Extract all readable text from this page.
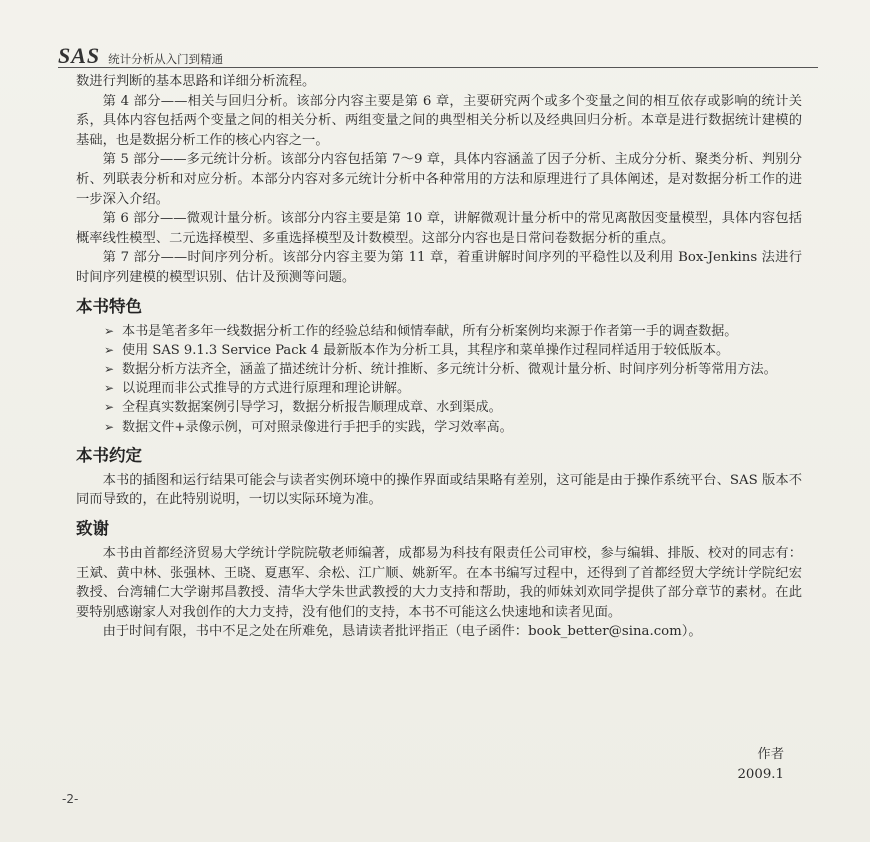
SAS 统计分析从入门到精通

数进行判断的基本思路和详细分析流程。

第 4 部分——相关与回归分析。该部分内容主要是第 6 章，主要研究两个或多个变量之间的相互依存或影响的统计关系，具体内容包括两个变量之间的相关分析、两组变量之间的典型相关分析以及经典回归分析。本章是进行数据统计建模的基础，也是数据分析工作的核心内容之一。

第 5 部分——多元统计分析。该部分内容包括第 7～9 章，具体内容涵盖了因子分析、主成分分析、聚类分析、判别分析、列联表分析和对应分析。本部分内容对多元统计分析中各种常用的方法和原理进行了具体阐述，是对数据分析工作的进一步深入介绍。

第 6 部分——微观计量分析。该部分内容主要是第 10 章，讲解微观计量分析中的常见离散因变量模型，具体内容包括概率线性模型、二元选择模型、多重选择模型及计数模型。这部分内容也是日常问卷数据分析的重点。

第 7 部分——时间序列分析。该部分内容主要为第 11 章，着重讲解时间序列的平稳性以及利用 Box-Jenkins 法进行时间序列建模的模型识别、估计及预测等问题。

本书特色
➢ 本书是笔者多年一线数据分析工作的经验总结和倾情奉献，所有分析案例均来源于作者第一手的调查数据。
➢ 使用 SAS 9.1.3 Service Pack 4 最新版本作为分析工具，其程序和菜单操作过程同样适用于较低版本。
➢ 数据分析方法齐全，涵盖了描述统计分析、统计推断、多元统计分析、微观计量分析、时间序列分析等常用方法。
➢ 以说理而非公式推导的方式进行原理和理论讲解。
➢ 全程真实数据案例引导学习，数据分析报告顺理成章、水到渠成。
➢ 数据文件+录像示例，可对照录像进行手把手的实践，学习效率高。
本书约定

本书的插图和运行结果可能会与读者实例环境中的操作界面或结果略有差别，这可能是由于操作系统平台、SAS 版本不同而导致的，在此特别说明，一切以实际环境为准。

致谢

本书由首都经济贸易大学统计学院院敬老师编著，成都易为科技有限责任公司审校，参与编辑、排版、校对的同志有：王斌、黄中林、张强林、王晓、夏惠军、余松、江广顺、姚新军。在本书编写过程中，还得到了首都经贸大学统计学院纪宏教授、台湾辅仁大学谢邦昌教授、清华大学朱世武教授的大力支持和帮助，我的师妹刘欢同学提供了部分章节的素材。在此要特别感谢家人对我创作的大力支持，没有他们的支持，本书不可能这么快速地和读者见面。

由于时间有限，书中不足之处在所难免，恳请读者批评指正（电子函件：book_better@sina.com）。

作者
2009.1
-2-
